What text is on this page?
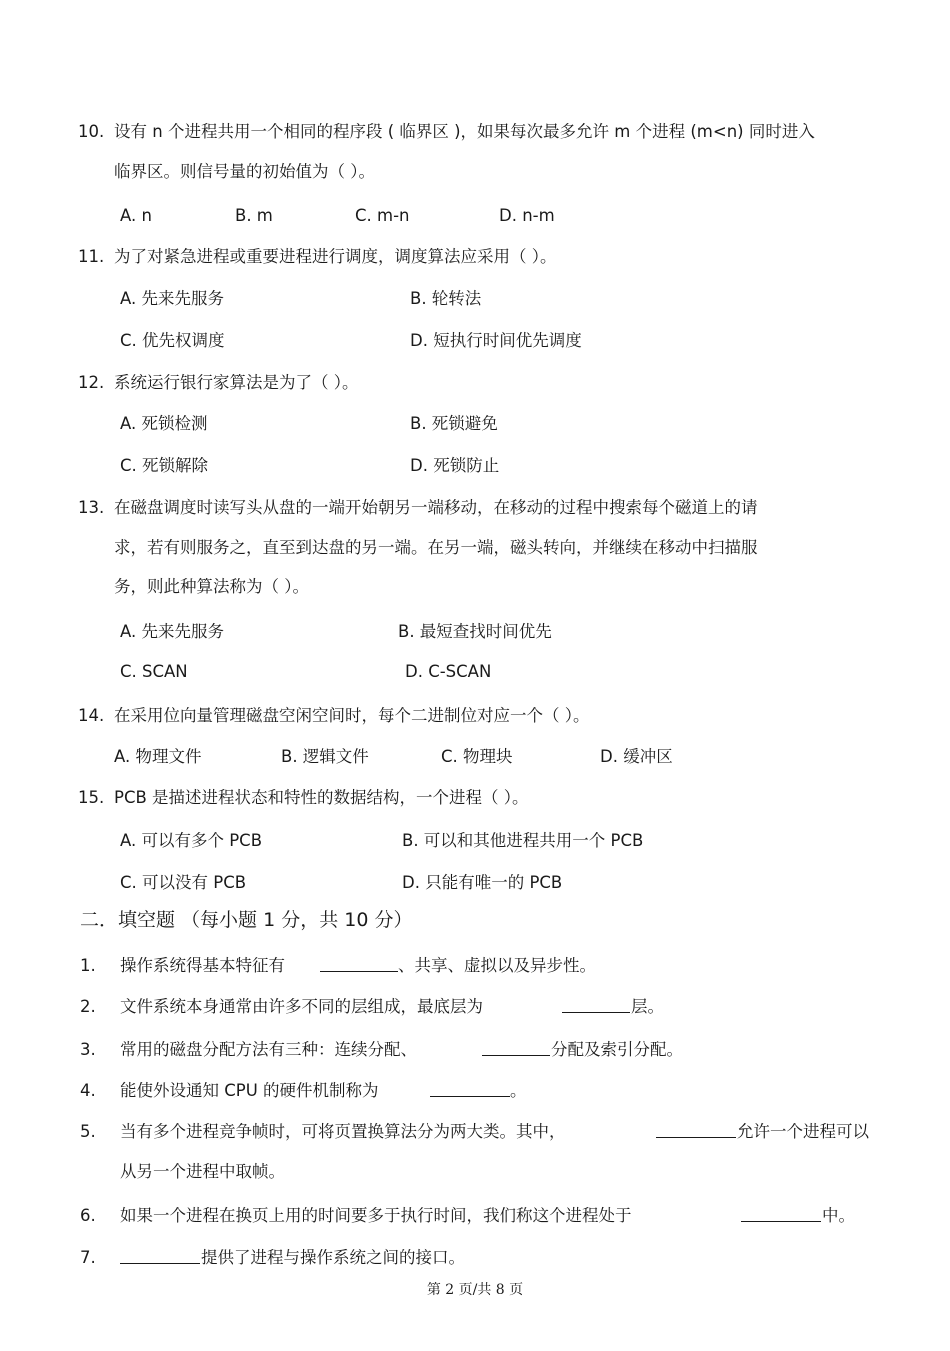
10. 设有 n 个进程共用一个相同的程序段 ( 临界区 )，如果每次最多允许 m 个进程 (m<n) 同时进入
临界区。则信号量的初始值为（ ）。
A. n	B. m	C. m-n	D. n-m
11. 为了对紧急进程或重要进程进行调度，调度算法应采用（ ）。
A. 先来先服务	B. 轮转法
C. 优先权调度	D. 短执行时间优先调度
12. 系统运行银行家算法是为了（ ）。
A. 死锁检测	B. 死锁避免
C. 死锁解除	D. 死锁防止
13. 在磁盘调度时读写头从盘的一端开始朝另一端移动，在移动的过程中搜索每个磁道上的请
求，若有则服务之，直至到达盘的另一端。在另一端，磁头转向，并继续在移动中扫描服
务，则此种算法称为（ ）。
A. 先来先服务	B. 最短查找时间优先
C. SCAN	D. C-SCAN
14. 在采用位向量管理磁盘空闲空间时，每个二进制位对应一个（ ）。
A. 物理文件	B. 逻辑文件	C. 物理块	D. 缓冲区
15. PCB 是描述进程状态和特性的数据结构，一个进程（ ）。
A. 可以有多个 PCB	B. 可以和其他进程共用一个 PCB
C. 可以没有 PCB	D. 只能有唯一的 PCB
二．填空题 （每小题 1 分，共 10 分）
1. 操作系统得基本特征有	、共享、虚拟以及异步性。
2. 文件系统本身通常由许多不同的层组成，最底层为	层。
3. 常用的磁盘分配方法有三种：连续分配、	分配及索引分配。
4. 能使外设通知 CPU 的硬件机制称为	。
5. 当有多个进程竞争帧时，可将页置换算法分为两大类。其中，	允许一个进程可以
从另一个进程中取帧。
6. 如果一个进程在换页上用的时间要多于执行时间，我们称这个进程处于	中。
7.	提供了进程与操作系统之间的接口。
第 2 页/共 8 页
